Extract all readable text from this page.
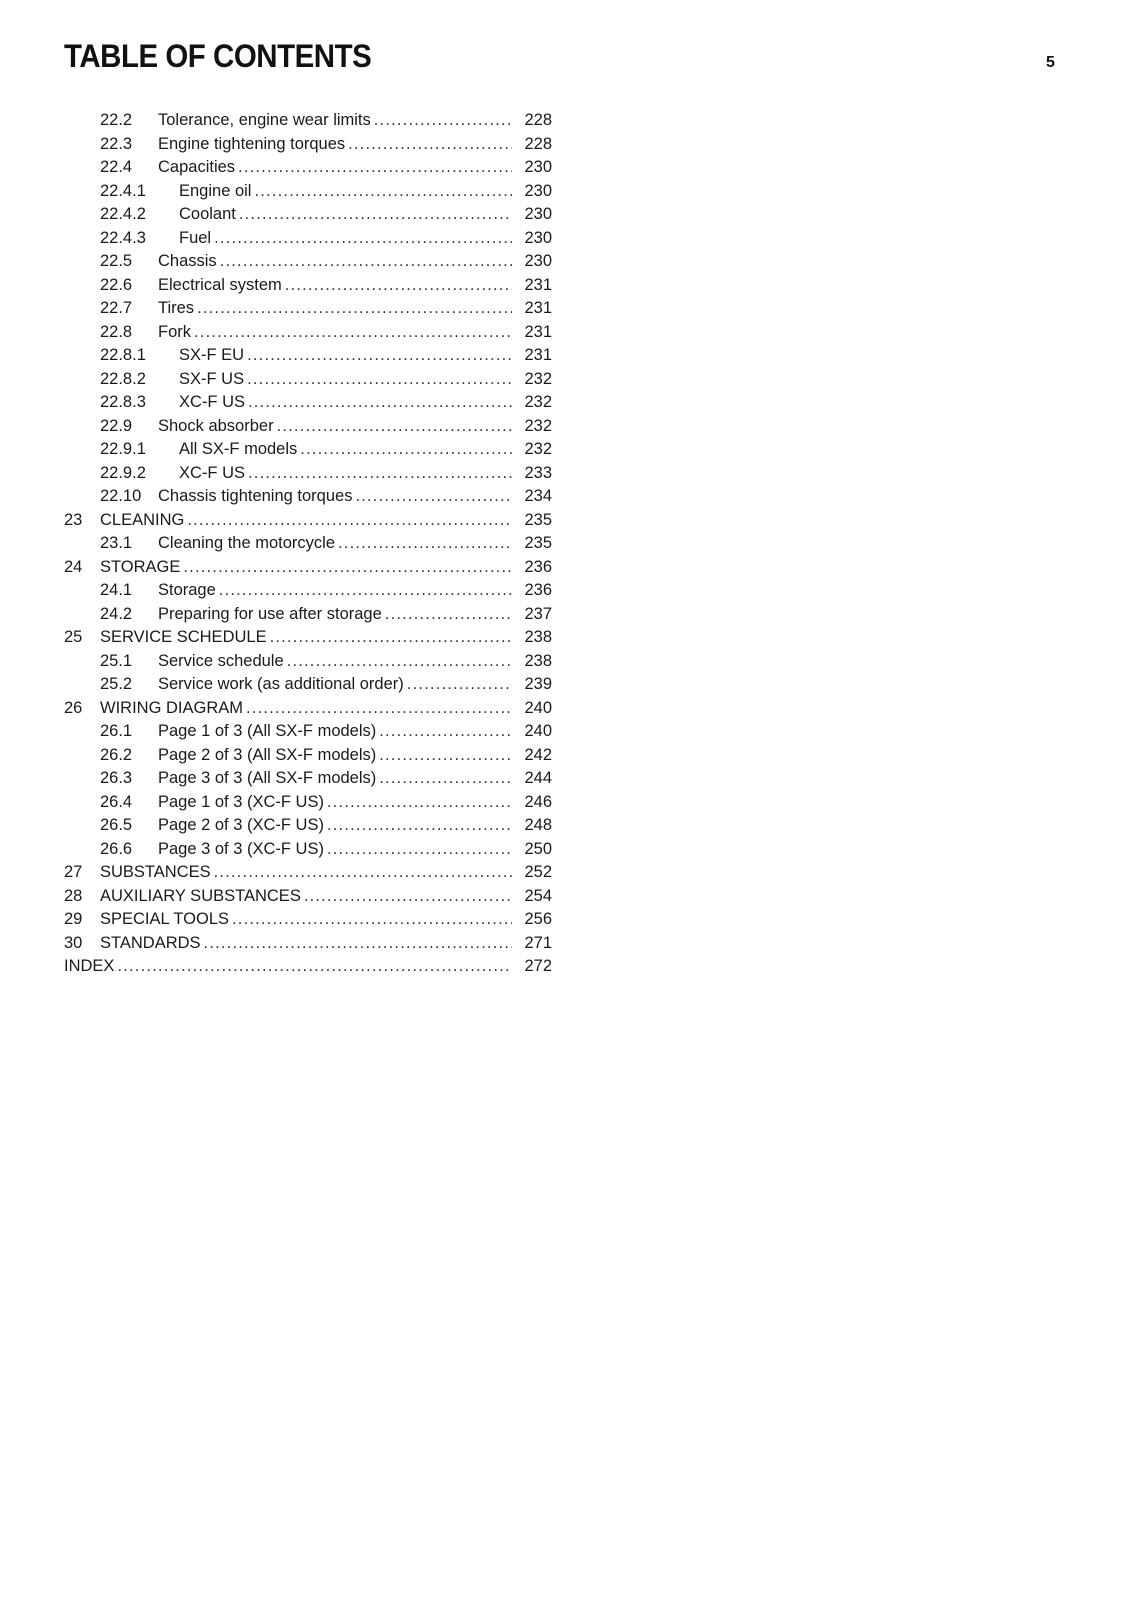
TABLE OF CONTENTS	5
22.2 Tolerance, engine wear limits .....	228
22.3 Engine tightening torques .....	228
22.4 Capacities .....	230
22.4.1 Engine oil .....	230
22.4.2 Coolant .....	230
22.4.3 Fuel .....	230
22.5 Chassis .....	230
22.6 Electrical system .....	231
22.7 Tires .....	231
22.8 Fork .....	231
22.8.1 SX-F EU .....	231
22.8.2 SX-F US .....	232
22.8.3 XC-F US .....	232
22.9 Shock absorber .....	232
22.9.1 All SX-F models .....	232
22.9.2 XC-F US .....	233
22.10 Chassis tightening torques .....	234
23 CLEANING .....	235
23.1 Cleaning the motorcycle .....	235
24 STORAGE .....	236
24.1 Storage .....	236
24.2 Preparing for use after storage .....	237
25 SERVICE SCHEDULE .....	238
25.1 Service schedule .....	238
25.2 Service work (as additional order) .....	239
26 WIRING DIAGRAM .....	240
26.1 Page 1 of 3 (All SX-F models) .....	240
26.2 Page 2 of 3 (All SX-F models) .....	242
26.3 Page 3 of 3 (All SX-F models) .....	244
26.4 Page 1 of 3 (XC-F US) .....	246
26.5 Page 2 of 3 (XC-F US) .....	248
26.6 Page 3 of 3 (XC-F US) .....	250
27 SUBSTANCES .....	252
28 AUXILIARY SUBSTANCES .....	254
29 SPECIAL TOOLS .....	256
30 STANDARDS .....	271
INDEX .....	272
